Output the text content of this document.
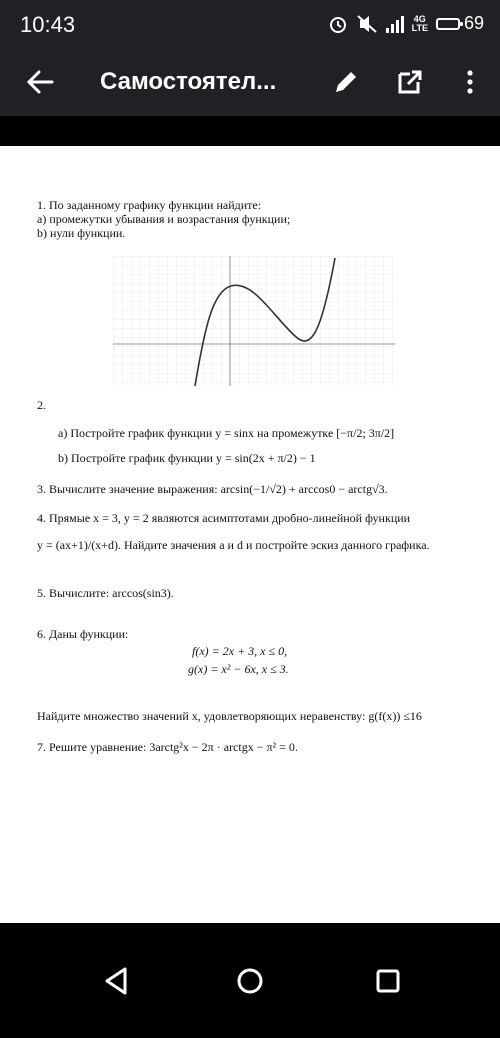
10:43	4G
LTE 69
Самостоятел...
1. По заданному графику функции найдите:
а) промежутки убывания и возрастания функции;
b) нули функции.
2.
a) Постройте график функции y = sinx на промежутке [−π/2; 3π/2]
b) Постройте график функции y = sin(2x + π/2) − 1
3. Вычислите значение выражения: arcsin(−1/√2) + arccos0 − arctg√3.
4. Прямые x = 3, y = 2 являются асимптотами дробно-линейной функции
y = (ax+1)/(x+d). Найдите значения a и d и постройте эскиз данного графика.
5. Вычислите: arccos(sin3).
6. Даны функции:
f(x) = 2x + 3, x ≤ 0,
g(x) = x² − 6x, x ≤ 3.
Найдите множество значений x, удовлетворяющих неравенству: g(f(x)) ≤16
7. Решите уравнение: 3arctg²x − 2π · arctgx − π² = 0.
